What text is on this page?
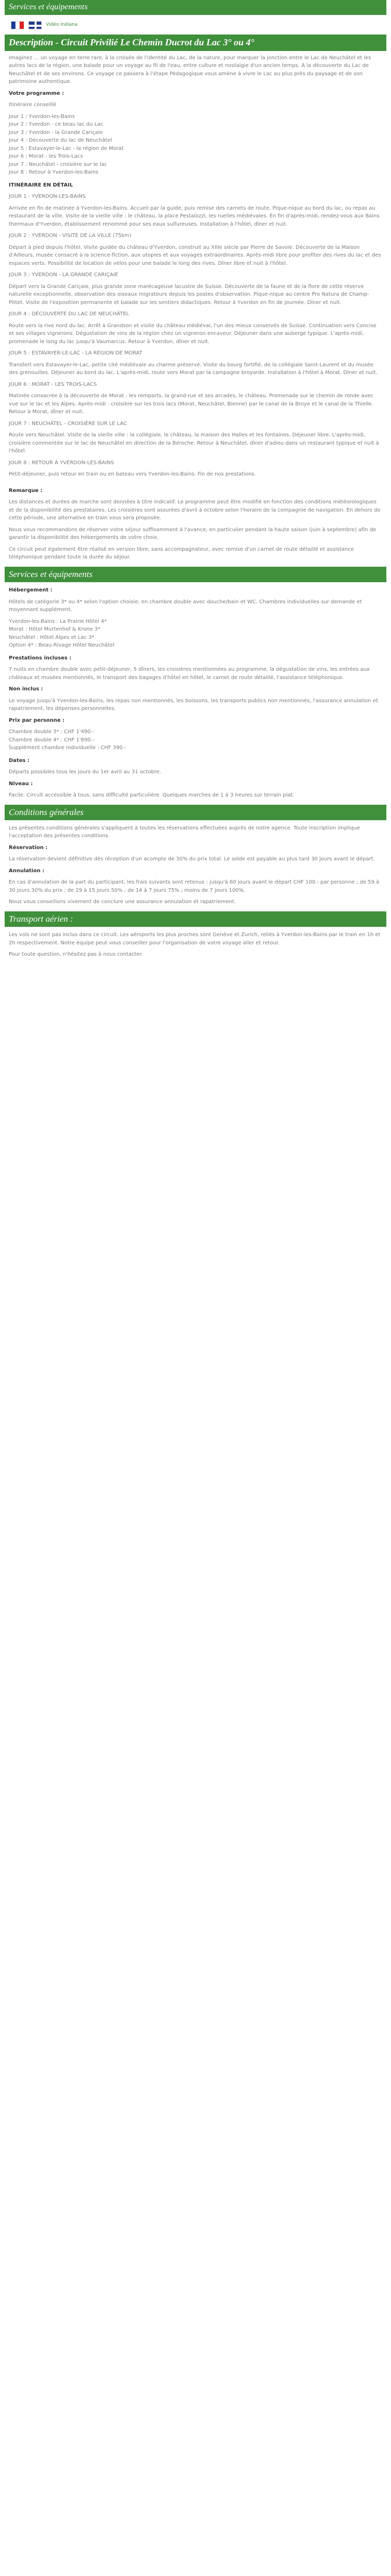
Services et équipements
Vidéo Indiana
Description - Circuit Privilié Le Chemin Ducrot du Lac 3° ou 4°

Imaginez ... un voyage en terre rare, à la croisée de l'identité du Lac, de la nature, pour marquer la jonction entre le Lac de Neuchâtel et les autres lacs de la région, une balade pour un voyage au fil de l'eau, entre culture et nostalgie d'un ancien temps. À la découverte du Lac de Neuchâtel et de ses environs. Ce voyage ce passera à l'étape Pédagogique vous amène à vivre le Lac au plus près du paysage et de son patrimoine authentique.

Votre programme :

Itinéraire conseillé

Jour 1 : Yverdon-les-Bains

Jour 2 : Yverdon - ce beau lac du Lac

Jour 3 : Yverdon - la Grande Cariçaie

Jour 4 : Découverte du lac de Neuchâtel

Jour 5 : Estavayer-le-Lac - la région de Morat

Jour 6 : Morat - les Trois-Lacs

Jour 7 : Neuchâtel - croisière sur le lac

Jour 8 : Retour à Yverdon-les-Bains

ITINÉRAIRE EN DÉTAIL

JOUR 1 : YVERDON-LES-BAINS

Arrivée en fin de matinée à Yverdon-les-Bains. Accueil par la guide, puis remise des carnets de route. Pique-nique au bord du lac, ou repas au restaurant de la ville. Visite de la vieille ville : le château, la place Pestalozzi, les ruelles médiévales. En fin d'après-midi, rendez-vous aux Bains thermaux d'Yverdon, établissement renommé pour ses eaux sulfureuses. Installation à l'hôtel, dîner et nuit.

JOUR 2 : YVERDON - VISITE DE LA VILLE (75km)

Départ à pied depuis l'hôtel. Visite guidée du château d'Yverdon, construit au XIIIe siècle par Pierre de Savoie. Découverte de la Maison d'Ailleurs, musée consacré à la science-fiction, aux utopies et aux voyages extraordinaires. Après-midi libre pour profiter des rives du lac et des espaces verts. Possibilité de location de vélos pour une balade le long des rives. Dîner libre et nuit à l'hôtel.

JOUR 3 : YVERDON - LA GRANDE CARIÇAIE

Départ vers la Grande Cariçaie, plus grande zone marécageuse lacustre de Suisse. Découverte de la faune et de la flore de cette réserve naturelle exceptionnelle, observation des oiseaux migrateurs depuis les postes d'observation. Pique-nique au centre Pro Natura de Champ-Pittet. Visite de l'exposition permanente et balade sur les sentiers didactiques. Retour à Yverdon en fin de journée. Dîner et nuit.

JOUR 4 : DÉCOUVERTE DU LAC DE NEUCHÂTEL

Route vers la rive nord du lac. Arrêt à Grandson et visite du château médiéval, l'un des mieux conservés de Suisse. Continuation vers Concise et ses villages vignerons. Dégustation de vins de la région chez un vigneron encaveur. Déjeuner dans une auberge typique. L'après-midi, promenade le long du lac jusqu'à Vaumarcus. Retour à Yverdon, dîner et nuit.

JOUR 5 : ESTAVAYER-LE-LAC - LA RÉGION DE MORAT

Transfert vers Estavayer-le-Lac, petite cité médiévale au charme préservé. Visite du bourg fortifié, de la collégiale Saint-Laurent et du musée des grenouilles. Déjeuner au bord du lac. L'après-midi, route vers Morat par la campagne broyarde. Installation à l'hôtel à Morat. Dîner et nuit.

JOUR 6 : MORAT - LES TROIS-LACS

Matinée consacrée à la découverte de Morat : les remparts, la grand-rue et ses arcades, le château. Promenade sur le chemin de ronde avec vue sur le lac et les Alpes. Après-midi : croisière sur les trois lacs (Morat, Neuchâtel, Bienne) par le canal de la Broye et le canal de la Thielle. Retour à Morat, dîner et nuit.

JOUR 7 : NEUCHÂTEL - CROISIÈRE SUR LE LAC

Route vers Neuchâtel. Visite de la vieille ville : la collégiale, le château, la maison des Halles et les fontaines. Déjeuner libre. L'après-midi, croisière commentée sur le lac de Neuchâtel en direction de la Béroche. Retour à Neuchâtel, dîner d'adieu dans un restaurant typique et nuit à l'hôtel.

JOUR 8 : RETOUR À YVERDON-LES-BAINS

Petit-déjeuner, puis retour en train ou en bateau vers Yverdon-les-Bains. Fin de nos prestations.

Remarque :

Les distances et durées de marche sont données à titre indicatif. Le programme peut être modifié en fonction des conditions météorologiques et de la disponibilité des prestataires. Les croisières sont assurées d'avril à octobre selon l'horaire de la compagnie de navigation. En dehors de cette période, une alternative en train vous sera proposée.

Nous vous recommandons de réserver votre séjour suffisamment à l'avance, en particulier pendant la haute saison (juin à septembre) afin de garantir la disponibilité des hébergements de votre choix.

Ce circuit peut également être réalisé en version libre, sans accompagnateur, avec remise d'un carnet de route détaillé et assistance téléphonique pendant toute la durée du séjour.

Services et équipements

Hébergement :

Hôtels de catégorie 3* ou 4* selon l'option choisie, en chambre double avec douche/bain et WC. Chambres individuelles sur demande et moyennant supplément.

Yverdon-les-Bains : La Prairie Hôtel 4*

Morat : Hôtel Murtenhof & Krone 3*

Neuchâtel : Hôtel Alpes et Lac 3*

Option 4* : Beau-Rivage Hôtel Neuchâtel

Prestations incluses :

7 nuits en chambre double avec petit-déjeuner, 5 dîners, les croisières mentionnées au programme, la dégustation de vins, les entrées aux châteaux et musées mentionnés, le transport des bagages d'hôtel en hôtel, le carnet de route détaillé, l'assistance téléphonique.

Non inclus :

Le voyage jusqu'à Yverdon-les-Bains, les repas non mentionnés, les boissons, les transports publics non mentionnés, l'assurance annulation et rapatriement, les dépenses personnelles.

Prix par personne :

Chambre double 3* : CHF 1'490.-

Chambre double 4* : CHF 1'890.-

Supplément chambre individuelle : CHF 390.-

Dates :

Départs possibles tous les jours du 1er avril au 31 octobre.

Niveau :

Facile. Circuit accessible à tous, sans difficulté particulière. Quelques marches de 1 à 3 heures sur terrain plat.

Conditions générales

Les présentes conditions générales s'appliquent à toutes les réservations effectuées auprès de notre agence. Toute inscription implique l'acceptation des présentes conditions.

Réservation :

La réservation devient définitive dès réception d'un acompte de 30% du prix total. Le solde est payable au plus tard 30 jours avant le départ.

Annulation :

En cas d'annulation de la part du participant, les frais suivants sont retenus : jusqu'à 60 jours avant le départ CHF 100.- par personne ; de 59 à 30 jours 30% du prix ; de 29 à 15 jours 50% ; de 14 à 7 jours 75% ; moins de 7 jours 100%.

Nous vous conseillons vivement de conclure une assurance annulation et rapatriement.

Transport aérien :

Les vols ne sont pas inclus dans ce circuit. Les aéroports les plus proches sont Genève et Zurich, reliés à Yverdon-les-Bains par le train en 1h et 2h respectivement. Notre équipe peut vous conseiller pour l'organisation de votre voyage aller et retour.

Pour toute question, n'hésitez pas à nous contacter.
